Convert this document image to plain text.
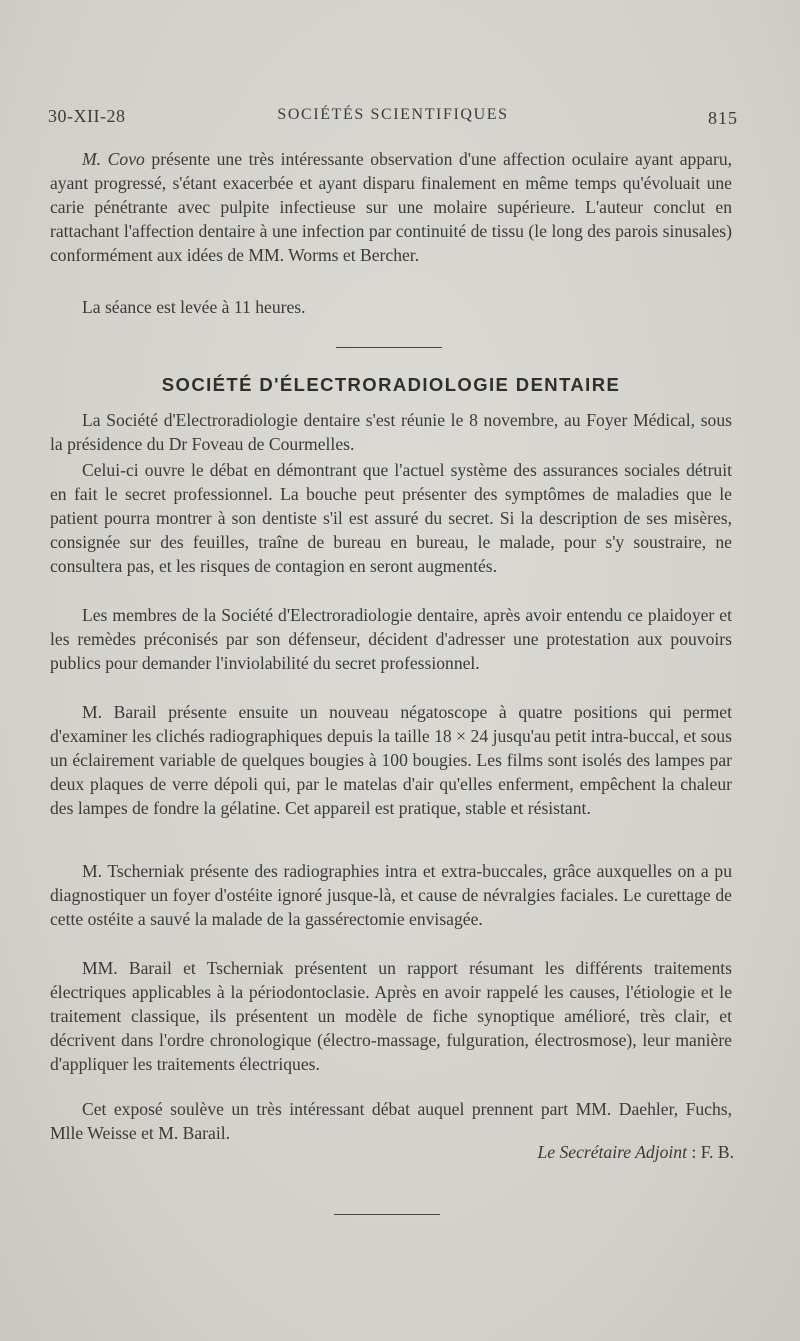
30-XII-28	SOCIÉTÉS SCIENTIFIQUES	815

M. Covo présente une très intéressante observation d'une affection oculaire ayant apparu, ayant progressé, s'étant exacerbée et ayant disparu finalement en même temps qu'évoluait une carie pénétrante avec pulpite infectieuse sur une molaire supérieure. L'auteur conclut en rattachant l'affection dentaire à une infection par continuité de tissu (le long des parois sinusales) conformément aux idées de MM. Worms et Bercher.

La séance est levée à 11 heures.

SOCIÉTÉ D'ÉLECTRORADIOLOGIE DENTAIRE

La Société d'Electroradiologie dentaire s'est réunie le 8 novembre, au Foyer Médical, sous la présidence du Dr Foveau de Courmelles.

Celui-ci ouvre le débat en démontrant que l'actuel système des assurances sociales détruit en fait le secret professionnel. La bouche peut présenter des symptômes de maladies que le patient pourra montrer à son dentiste s'il est assuré du secret. Si la description de ses misères, consignée sur des feuilles, traîne de bureau en bureau, le malade, pour s'y soustraire, ne consultera pas, et les risques de contagion en seront augmentés.

Les membres de la Société d'Electroradiologie dentaire, après avoir entendu ce plaidoyer et les remèdes préconisés par son défenseur, décident d'adresser une protestation aux pouvoirs publics pour demander l'inviolabilité du secret professionnel.

M. Barail présente ensuite un nouveau négatoscope à quatre positions qui permet d'examiner les clichés radiographiques depuis la taille 18 × 24 jusqu'au petit intra-buccal, et sous un éclairement variable de quelques bougies à 100 bougies. Les films sont isolés des lampes par deux plaques de verre dépoli qui, par le matelas d'air qu'elles enferment, empêchent la chaleur des lampes de fondre la gélatine. Cet appareil est pratique, stable et résistant.

M. Tscherniak présente des radiographies intra et extra-buccales, grâce auxquelles on a pu diagnostiquer un foyer d'ostéite ignoré jusque-là, et cause de névralgies faciales. Le curettage de cette ostéite a sauvé la malade de la gassérectomie envisagée.

MM. Barail et Tscherniak présentent un rapport résumant les différents traitements électriques applicables à la périodontoclasie. Après en avoir rappelé les causes, l'étiologie et le traitement classique, ils présentent un modèle de fiche synoptique amélioré, très clair, et décrivent dans l'ordre chronologique (électro-massage, fulguration, électrosmose), leur manière d'appliquer les traitements électriques.

Cet exposé soulève un très intéressant débat auquel prennent part MM. Daehler, Fuchs, Mlle Weisse et M. Barail.

Le Secrétaire Adjoint : F. B.
